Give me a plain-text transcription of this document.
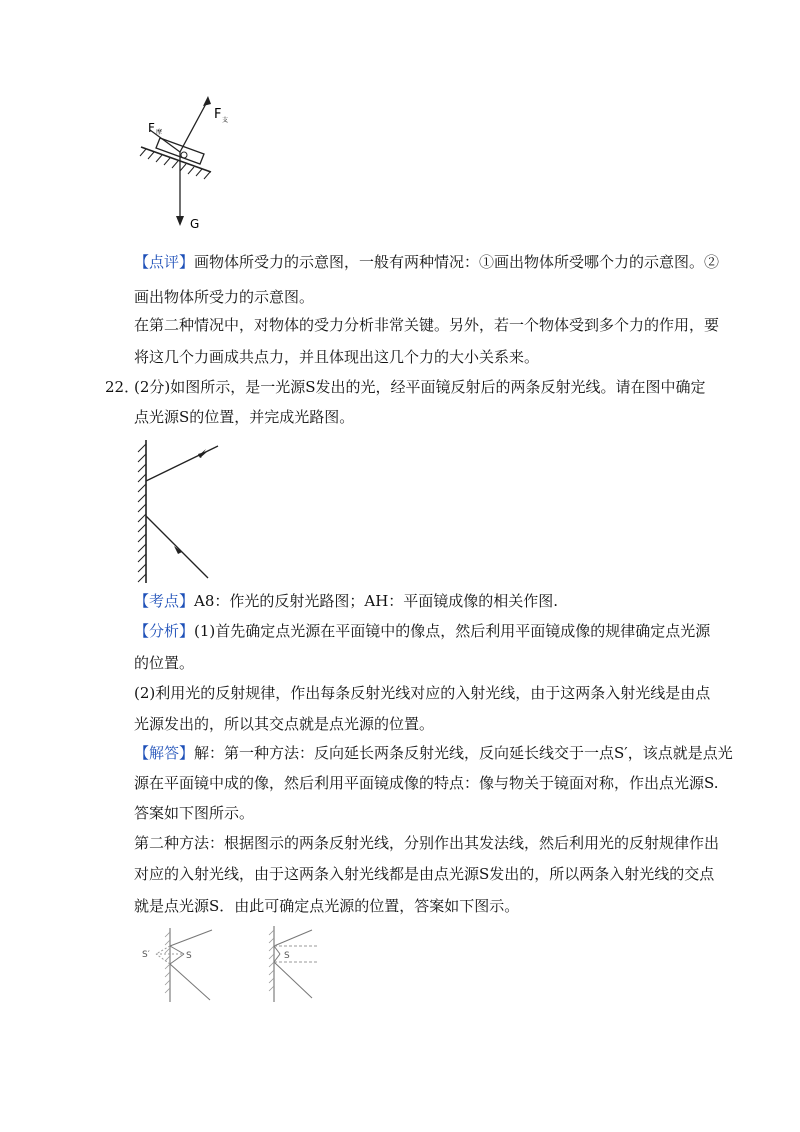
F 摩
F 支
G
【点评】画物体所受力的示意图，一般有两种情况：①画出物体所受哪个力的示意图。②
画出物体所受力的示意图。
在第二种情况中，对物体的受力分析非常关键。另外，若一个物体受到多个力的作用，要
将这几个力画成共点力，并且体现出这几个力的大小关系来。
22．
(2分)如图所示，是一光源S发出的光，经平面镜反射后的两条反射光线。请在图中确定
点光源S的位置，并完成光路图。
【考点】A8：作光的反射光路图；AH：平面镜成像的相关作图.
【分析】(1)首先确定点光源在平面镜中的像点，然后利用平面镜成像的规律确定点光源
的位置。
(2)利用光的反射规律，作出每条反射光线对应的入射光线，由于这两条入射光线是由点
光源发出的，所以其交点就是点光源的位置。
【解答】解：第一种方法：反向延长两条反射光线，反向延长线交于一点S′，该点就是点光
源在平面镜中成的像，然后利用平面镜成像的特点：像与物关于镜面对称，作出点光源S.
答案如下图所示。
第二种方法：根据图示的两条反射光线，分别作出其发法线，然后利用光的反射规律作出
对应的入射光线，由于这两条入射光线都是由点光源S发出的，所以两条入射光线的交点
就是点光源S．由此可确定点光源的位置，答案如下图示。
S′	S	S
